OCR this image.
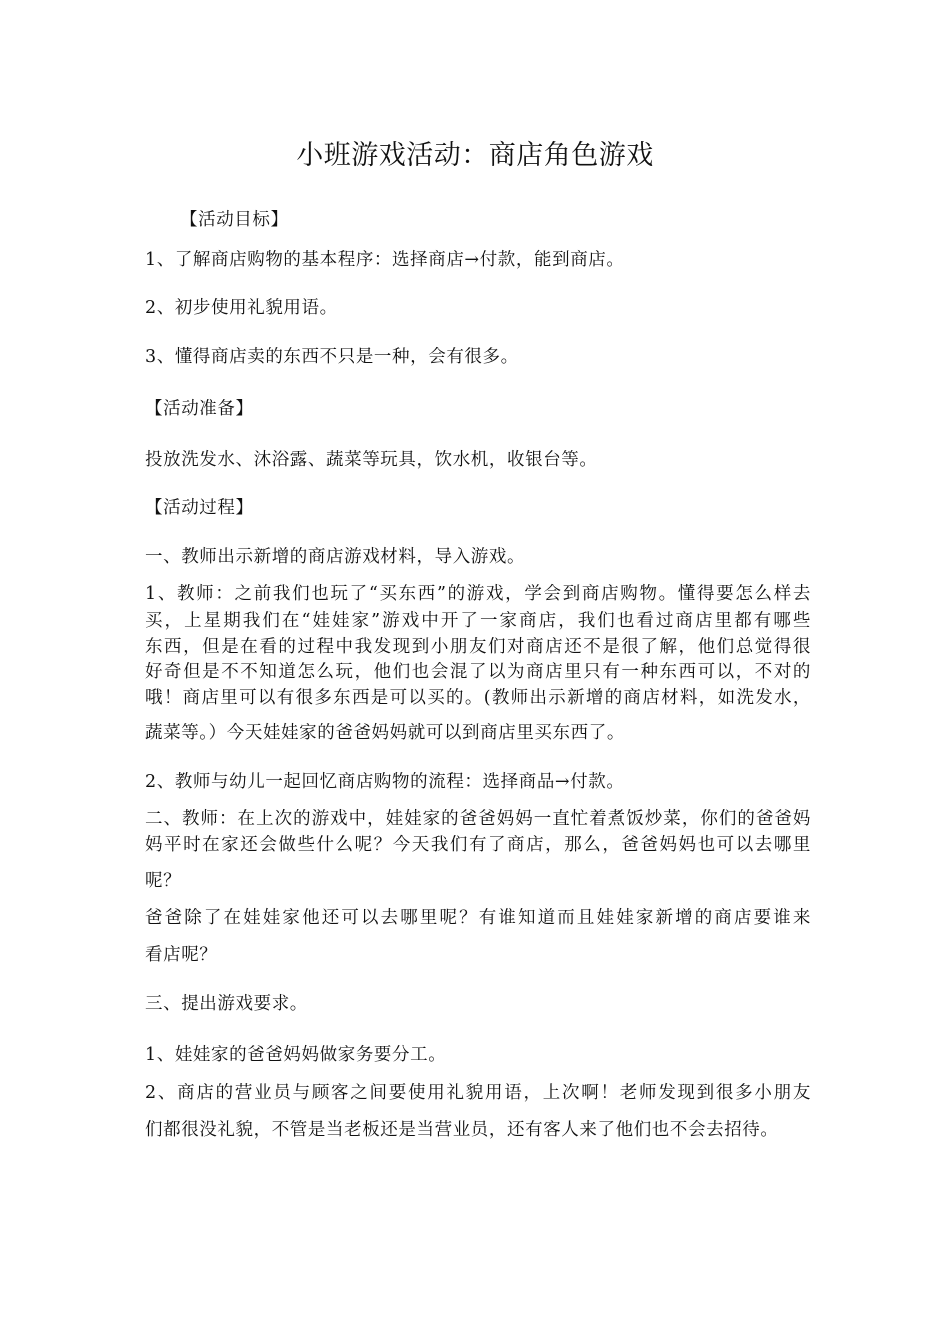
小班游戏活动：商店角色游戏
【活动目标】
1、了解商店购物的基本程序：选择商店→付款，能到商店。
2、初步使用礼貌用语。
3、懂得商店卖的东西不只是一种，会有很多。
【活动准备】
投放洗发水、沐浴露、蔬菜等玩具，饮水机，收银台等。
【活动过程】
一、教师出示新增的商店游戏材料，导入游戏。
1、教师：之前我们也玩了“买东西”的游戏，学会到商店购物。懂得要怎么样去
买，上星期我们在“娃娃家”游戏中开了一家商店，我们也看过商店里都有哪些
东西，但是在看的过程中我发现到小朋友们对商店还不是很了解，他们总觉得很
好奇但是不不知道怎么玩，他们也会混了以为商店里只有一种东西可以，不对的
哦！商店里可以有很多东西是可以买的。(教师出示新增的商店材料，如洗发水，
蔬菜等。）今天娃娃家的爸爸妈妈就可以到商店里买东西了。
2、教师与幼儿一起回忆商店购物的流程：选择商品→付款。
二、教师：在上次的游戏中，娃娃家的爸爸妈妈一直忙着煮饭炒菜，你们的爸爸妈
妈平时在家还会做些什么呢？今天我们有了商店，那么，爸爸妈妈也可以去哪里
呢？
爸爸除了在娃娃家他还可以去哪里呢？有谁知道而且娃娃家新增的商店要谁来
看店呢？
三、提出游戏要求。
1、娃娃家的爸爸妈妈做家务要分工。
2、商店的营业员与顾客之间要使用礼貌用语，上次啊！老师发现到很多小朋友
们都很没礼貌，不管是当老板还是当营业员，还有客人来了他们也不会去招待。
